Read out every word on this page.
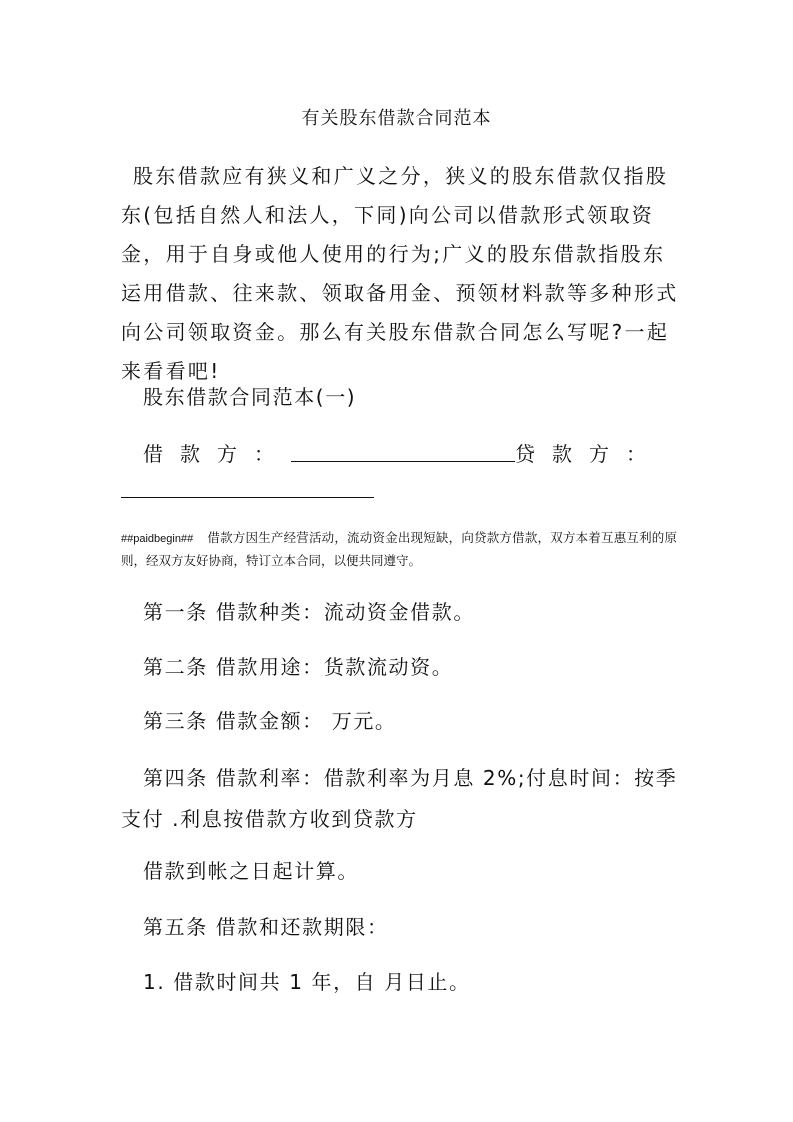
有关股东借款合同范本

股东借款应有狭义和广义之分，狭义的股东借款仅指股东(包括自然人和法人，下同)向公司以借款形式领取资金，用于自身或他人使用的行为;广义的股东借款指股东运用借款、往来款、领取备用金、预领材料款等多种形式向公司领取资金。那么有关股东借款合同怎么写呢?一起来看看吧!

股东借款合同范本(一)

借款方：	贷款方：

##paidbegin## 借款方因生产经营活动，流动资金出现短缺，向贷款方借款，双方本着互惠互利的原则，经双方友好协商，特订立本合同，以便共同遵守。

第一条 借款种类：流动资金借款。

第二条 借款用途：货款流动资。

第三条 借款金额： 万元。

第四条 借款利率：借款利率为月息 2%;付息时间：按季支付 .利息按借款方收到贷款方

借款到帐之日起计算。

第五条 借款和还款期限：

1. 借款时间共 1 年，自 月日止。
